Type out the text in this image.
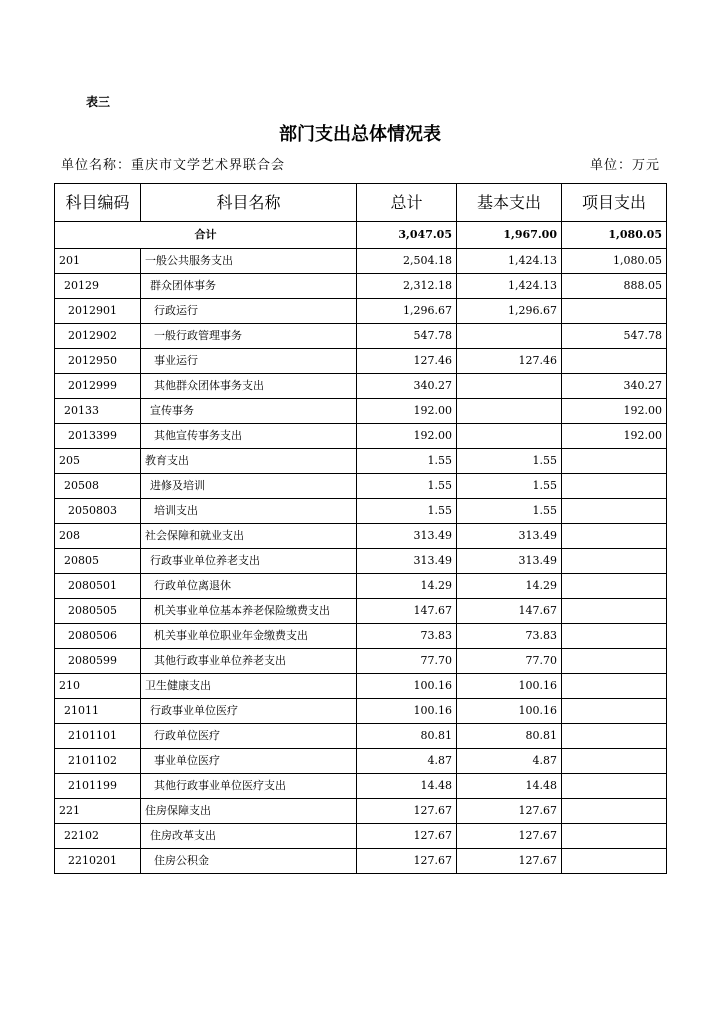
表三
部门支出总体情况表
单位名称：重庆市文学艺术界联合会	单位：万元
科目编码	科目名称	总计	基本支出	项目支出
合计		3,047.05	1,967.00	1,080.05
201	一般公共服务支出	2,504.18	1,424.13	1,080.05
20129	群众团体事务	2,312.18	1,424.13	888.05
2012901	行政运行	1,296.67	1,296.67	
2012902	一般行政管理事务	547.78		547.78
2012950	事业运行	127.46	127.46	
2012999	其他群众团体事务支出	340.27		340.27
20133	宣传事务	192.00		192.00
2013399	其他宣传事务支出	192.00		192.00
205	教育支出	1.55	1.55	
20508	进修及培训	1.55	1.55	
2050803	培训支出	1.55	1.55	
208	社会保障和就业支出	313.49	313.49	
20805	行政事业单位养老支出	313.49	313.49	
2080501	行政单位离退休	14.29	14.29	
2080505	机关事业单位基本养老保险缴费支出	147.67	147.67	
2080506	机关事业单位职业年金缴费支出	73.83	73.83	
2080599	其他行政事业单位养老支出	77.70	77.70	
210	卫生健康支出	100.16	100.16	
21011	行政事业单位医疗	100.16	100.16	
2101101	行政单位医疗	80.81	80.81	
2101102	事业单位医疗	4.87	4.87	
2101199	其他行政事业单位医疗支出	14.48	14.48	
221	住房保障支出	127.67	127.67	
22102	住房改革支出	127.67	127.67	
2210201	住房公积金	127.67	127.67	
